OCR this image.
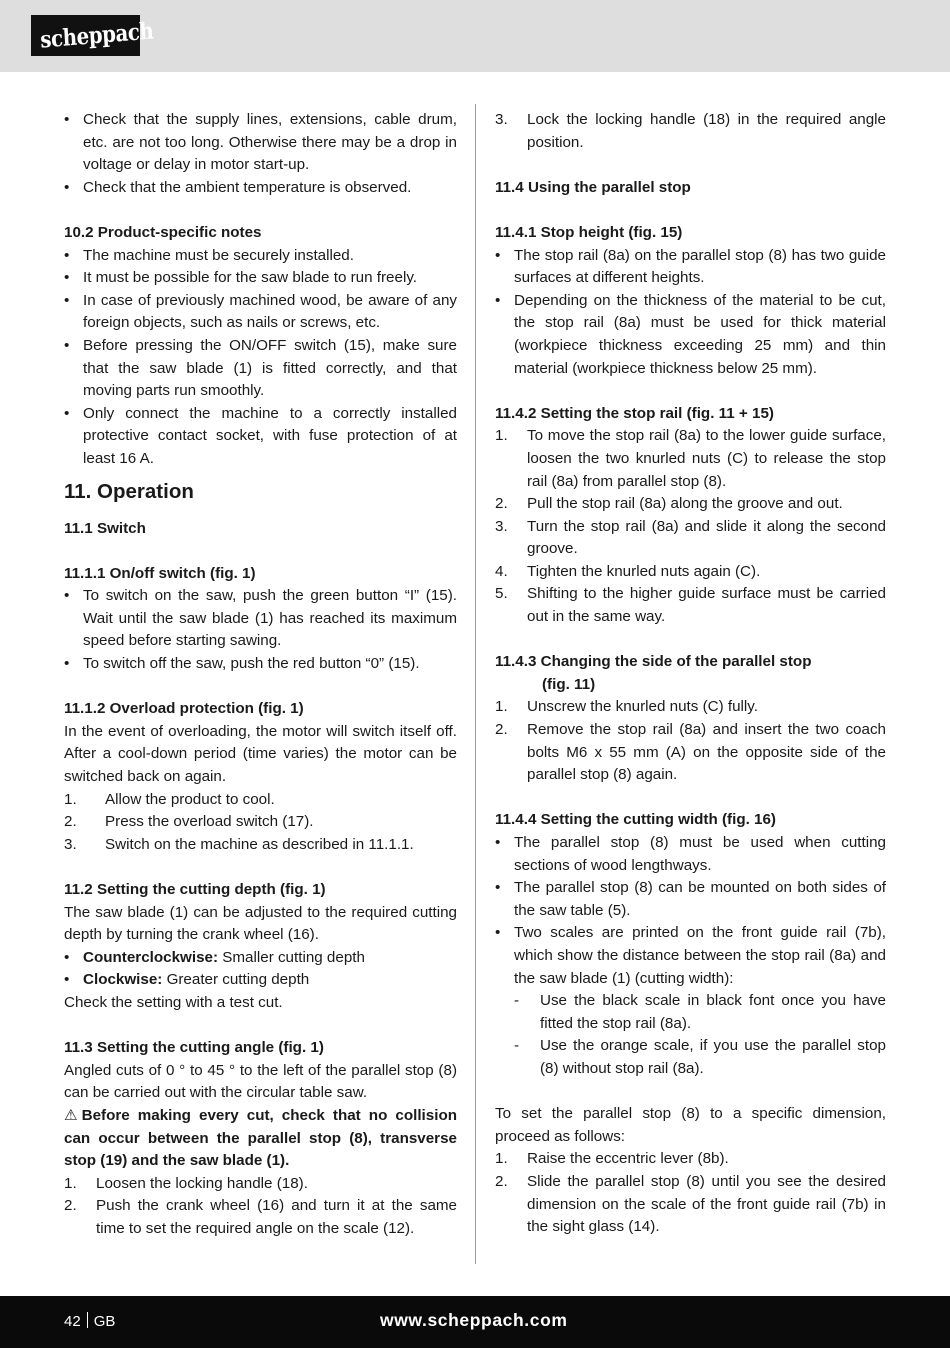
scheppach
• Check that the supply lines, extensions, cable drum, etc. are not too long. Otherwise there may be a drop in voltage or delay in motor start-up.
• Check that the ambient temperature is observed.
10.2 Product-specific notes
• The machine must be securely installed.
• It must be possible for the saw blade to run freely.
• In case of previously machined wood, be aware of any foreign objects, such as nails or screws, etc.
• Before pressing the ON/OFF switch (15), make sure that the saw blade (1) is fitted correctly, and that moving parts run smoothly.
• Only connect the machine to a correctly installed protective contact socket, with fuse protection of at least 16 A.
11. Operation
11.1 Switch
11.1.1 On/off switch (fig. 1)
• To switch on the saw, push the green button “I” (15). Wait until the saw blade (1) has reached its maximum speed before starting sawing.
• To switch off the saw, push the red button “0” (15).
11.1.2 Overload protection (fig. 1)
In the event of overloading, the motor will switch itself off. After a cool-down period (time varies) the motor can be switched back on again.
1. Allow the product to cool.
2. Press the overload switch (17).
3. Switch on the machine as described in 11.1.1.
11.2 Setting the cutting depth (fig. 1)
The saw blade (1) can be adjusted to the required cutting depth by turning the crank wheel (16).
• Counterclockwise: Smaller cutting depth
• Clockwise: Greater cutting depth
Check the setting with a test cut.
11.3 Setting the cutting angle (fig. 1)
Angled cuts of 0 ° to 45 ° to the left of the parallel stop (8) can be carried out with the circular table saw.
⚠ Before making every cut, check that no collision can occur between the parallel stop (8), transverse stop (19) and the saw blade (1).
1. Loosen the locking handle (18).
2. Push the crank wheel (16) and turn it at the same time to set the required angle on the scale (12).
3. Lock the locking handle (18) in the required angle position.
11.4 Using the parallel stop
11.4.1 Stop height (fig. 15)
• The stop rail (8a) on the parallel stop (8) has two guide surfaces at different heights.
• Depending on the thickness of the material to be cut, the stop rail (8a) must be used for thick material (workpiece thickness exceeding 25 mm) and thin material (workpiece thickness below 25 mm).
11.4.2 Setting the stop rail (fig. 11 + 15)
1. To move the stop rail (8a) to the lower guide surface, loosen the two knurled nuts (C) to release the stop rail (8a) from parallel stop (8).
2. Pull the stop rail (8a) along the groove and out.
3. Turn the stop rail (8a) and slide it along the second groove.
4. Tighten the knurled nuts again (C).
5. Shifting to the higher guide surface must be carried out in the same way.
11.4.3 Changing the side of the parallel stop
(fig. 11)
1. Unscrew the knurled nuts (C) fully.
2. Remove the stop rail (8a) and insert the two coach bolts M6 x 55 mm (A) on the opposite side of the parallel stop (8) again.
11.4.4 Setting the cutting width (fig. 16)
• The parallel stop (8) must be used when cutting sections of wood lengthways.
• The parallel stop (8) can be mounted on both sides of the saw table (5).
• Two scales are printed on the front guide rail (7b), which show the distance between the stop rail (8a) and the saw blade (1) (cutting width):
- Use the black scale in black font once you have fitted the stop rail (8a).
- Use the orange scale, if you use the parallel stop (8) without stop rail (8a).
To set the parallel stop (8) to a specific dimension, proceed as follows:
1. Raise the eccentric lever (8b).
2. Slide the parallel stop (8) until you see the desired dimension on the scale of the front guide rail (7b) in the sight glass (14).
42 GB	www.scheppach.com
